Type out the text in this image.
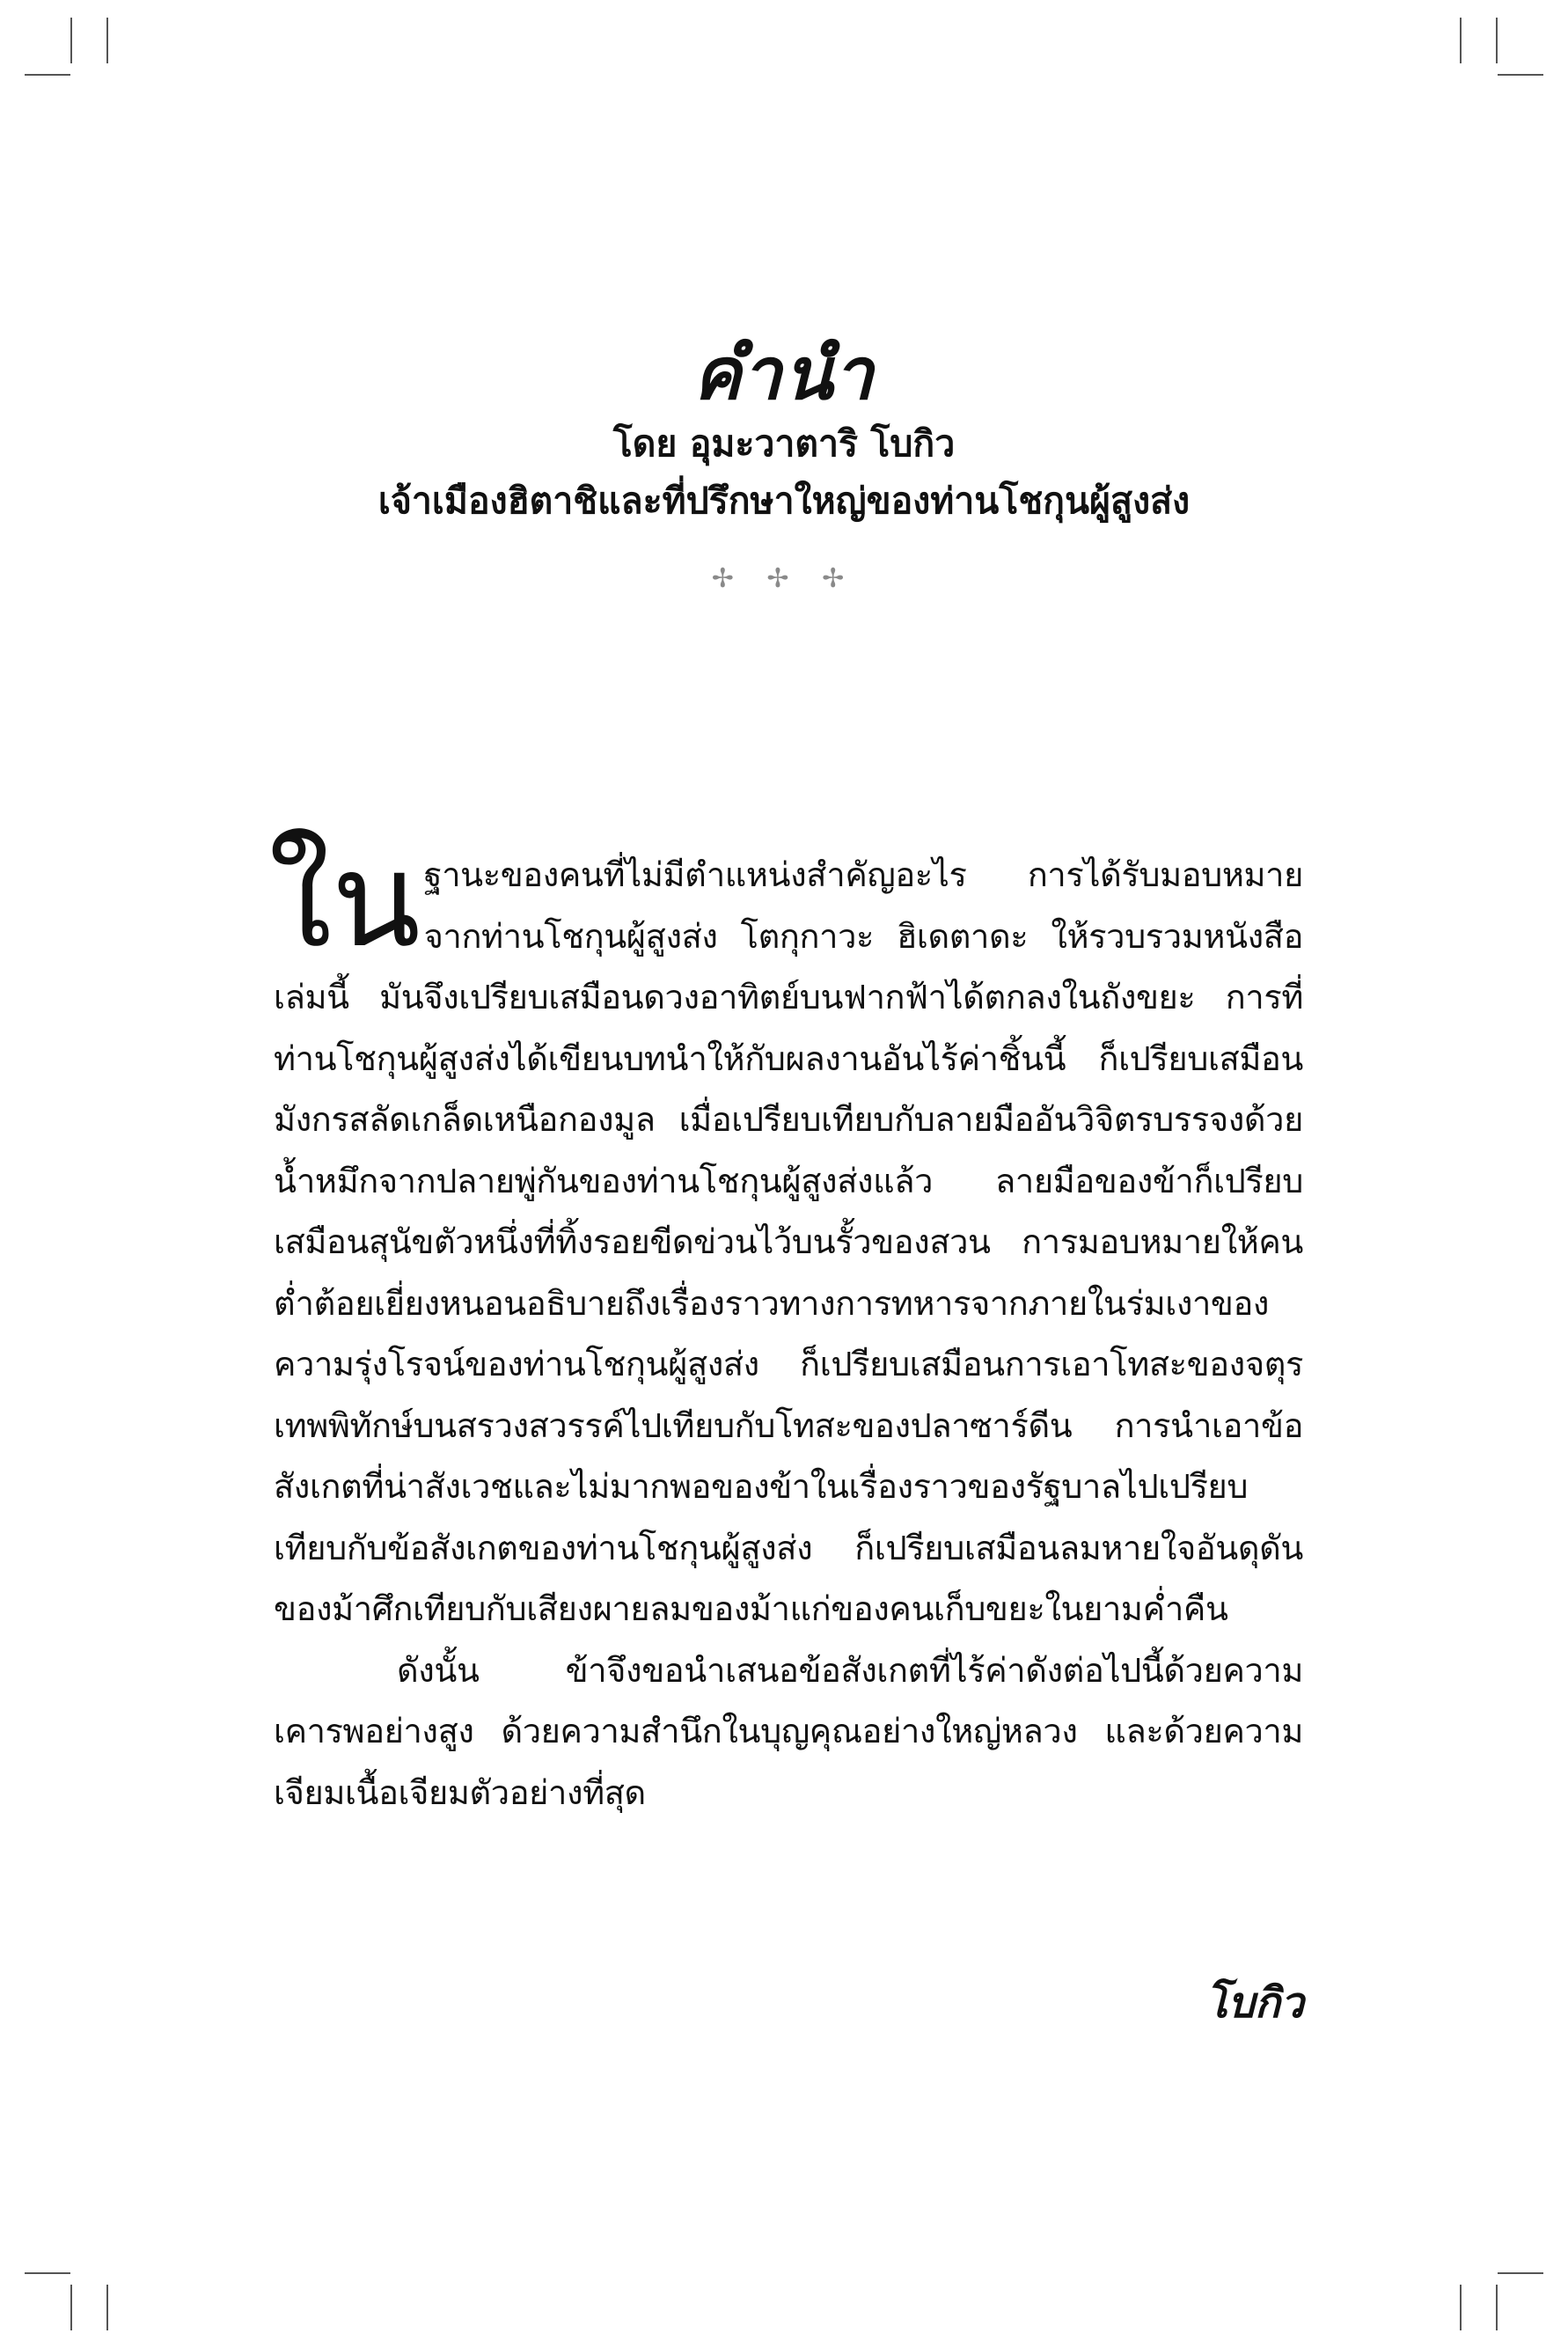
คำนำ
โดย อุมะวาตาริ โบกิว
เจ้าเมืองฮิตาชิและที่ปรึกษาใหญ่ของท่านโชกุนผู้สูงส่ง
✢ ✢ ✢

ใน ฐานะของคนที่ไม่มีตำแหน่งสำคัญอะไร การได้รับมอบหมายจากท่านโชกุนผู้สูงส่ง โตกุกาวะ ฮิเดตาดะ ให้รวบรวมหนังสือเล่มนี้ มันจึงเปรียบเสมือนดวงอาทิตย์บนฟากฟ้าได้ตกลงในถังขยะ การที่ท่านโชกุนผู้สูงส่งได้เขียนบทนำให้กับผลงานอันไร้ค่าชิ้นนี้ ก็เปรียบเสมือนมังกรสลัดเกล็ดเหนือกองมูล เมื่อเปรียบเทียบกับลายมืออันวิจิตรบรรจงด้วยน้ำหมึกจากปลายพู่กันของท่านโชกุนผู้สูงส่งแล้ว ลายมือของข้าก็เปรียบเสมือนสุนัขตัวหนึ่งที่ทิ้งรอยขีดข่วนไว้บนรั้วของสวน การมอบหมายให้คนต่ำต้อยเยี่ยงหนอนอธิบายถึงเรื่องราวทางการทหารจากภายในร่มเงาของความรุ่งโรจน์ของท่านโชกุนผู้สูงส่ง ก็เปรียบเสมือนการเอาโทสะของจตุรเทพพิทักษ์บนสรวงสวรรค์ไปเทียบกับโทสะของปลาซาร์ดีน การนำเอาข้อสังเกตที่น่าสังเวชและไม่มากพอของข้าในเรื่องราวของรัฐบาลไปเปรียบเทียบกับข้อสังเกตของท่านโชกุนผู้สูงส่ง ก็เปรียบเสมือนลมหายใจอันดุดันของม้าศึกเทียบกับเสียงผายลมของม้าแก่ของคนเก็บขยะในยามค่ำคืน

ดังนั้น ข้าจึงขอนำเสนอข้อสังเกตที่ไร้ค่าดังต่อไปนี้ด้วยความเคารพอย่างสูง ด้วยความสำนึกในบุญคุณอย่างใหญ่หลวง และด้วยความเจียมเนื้อเจียมตัวอย่างที่สุด

โบกิว
